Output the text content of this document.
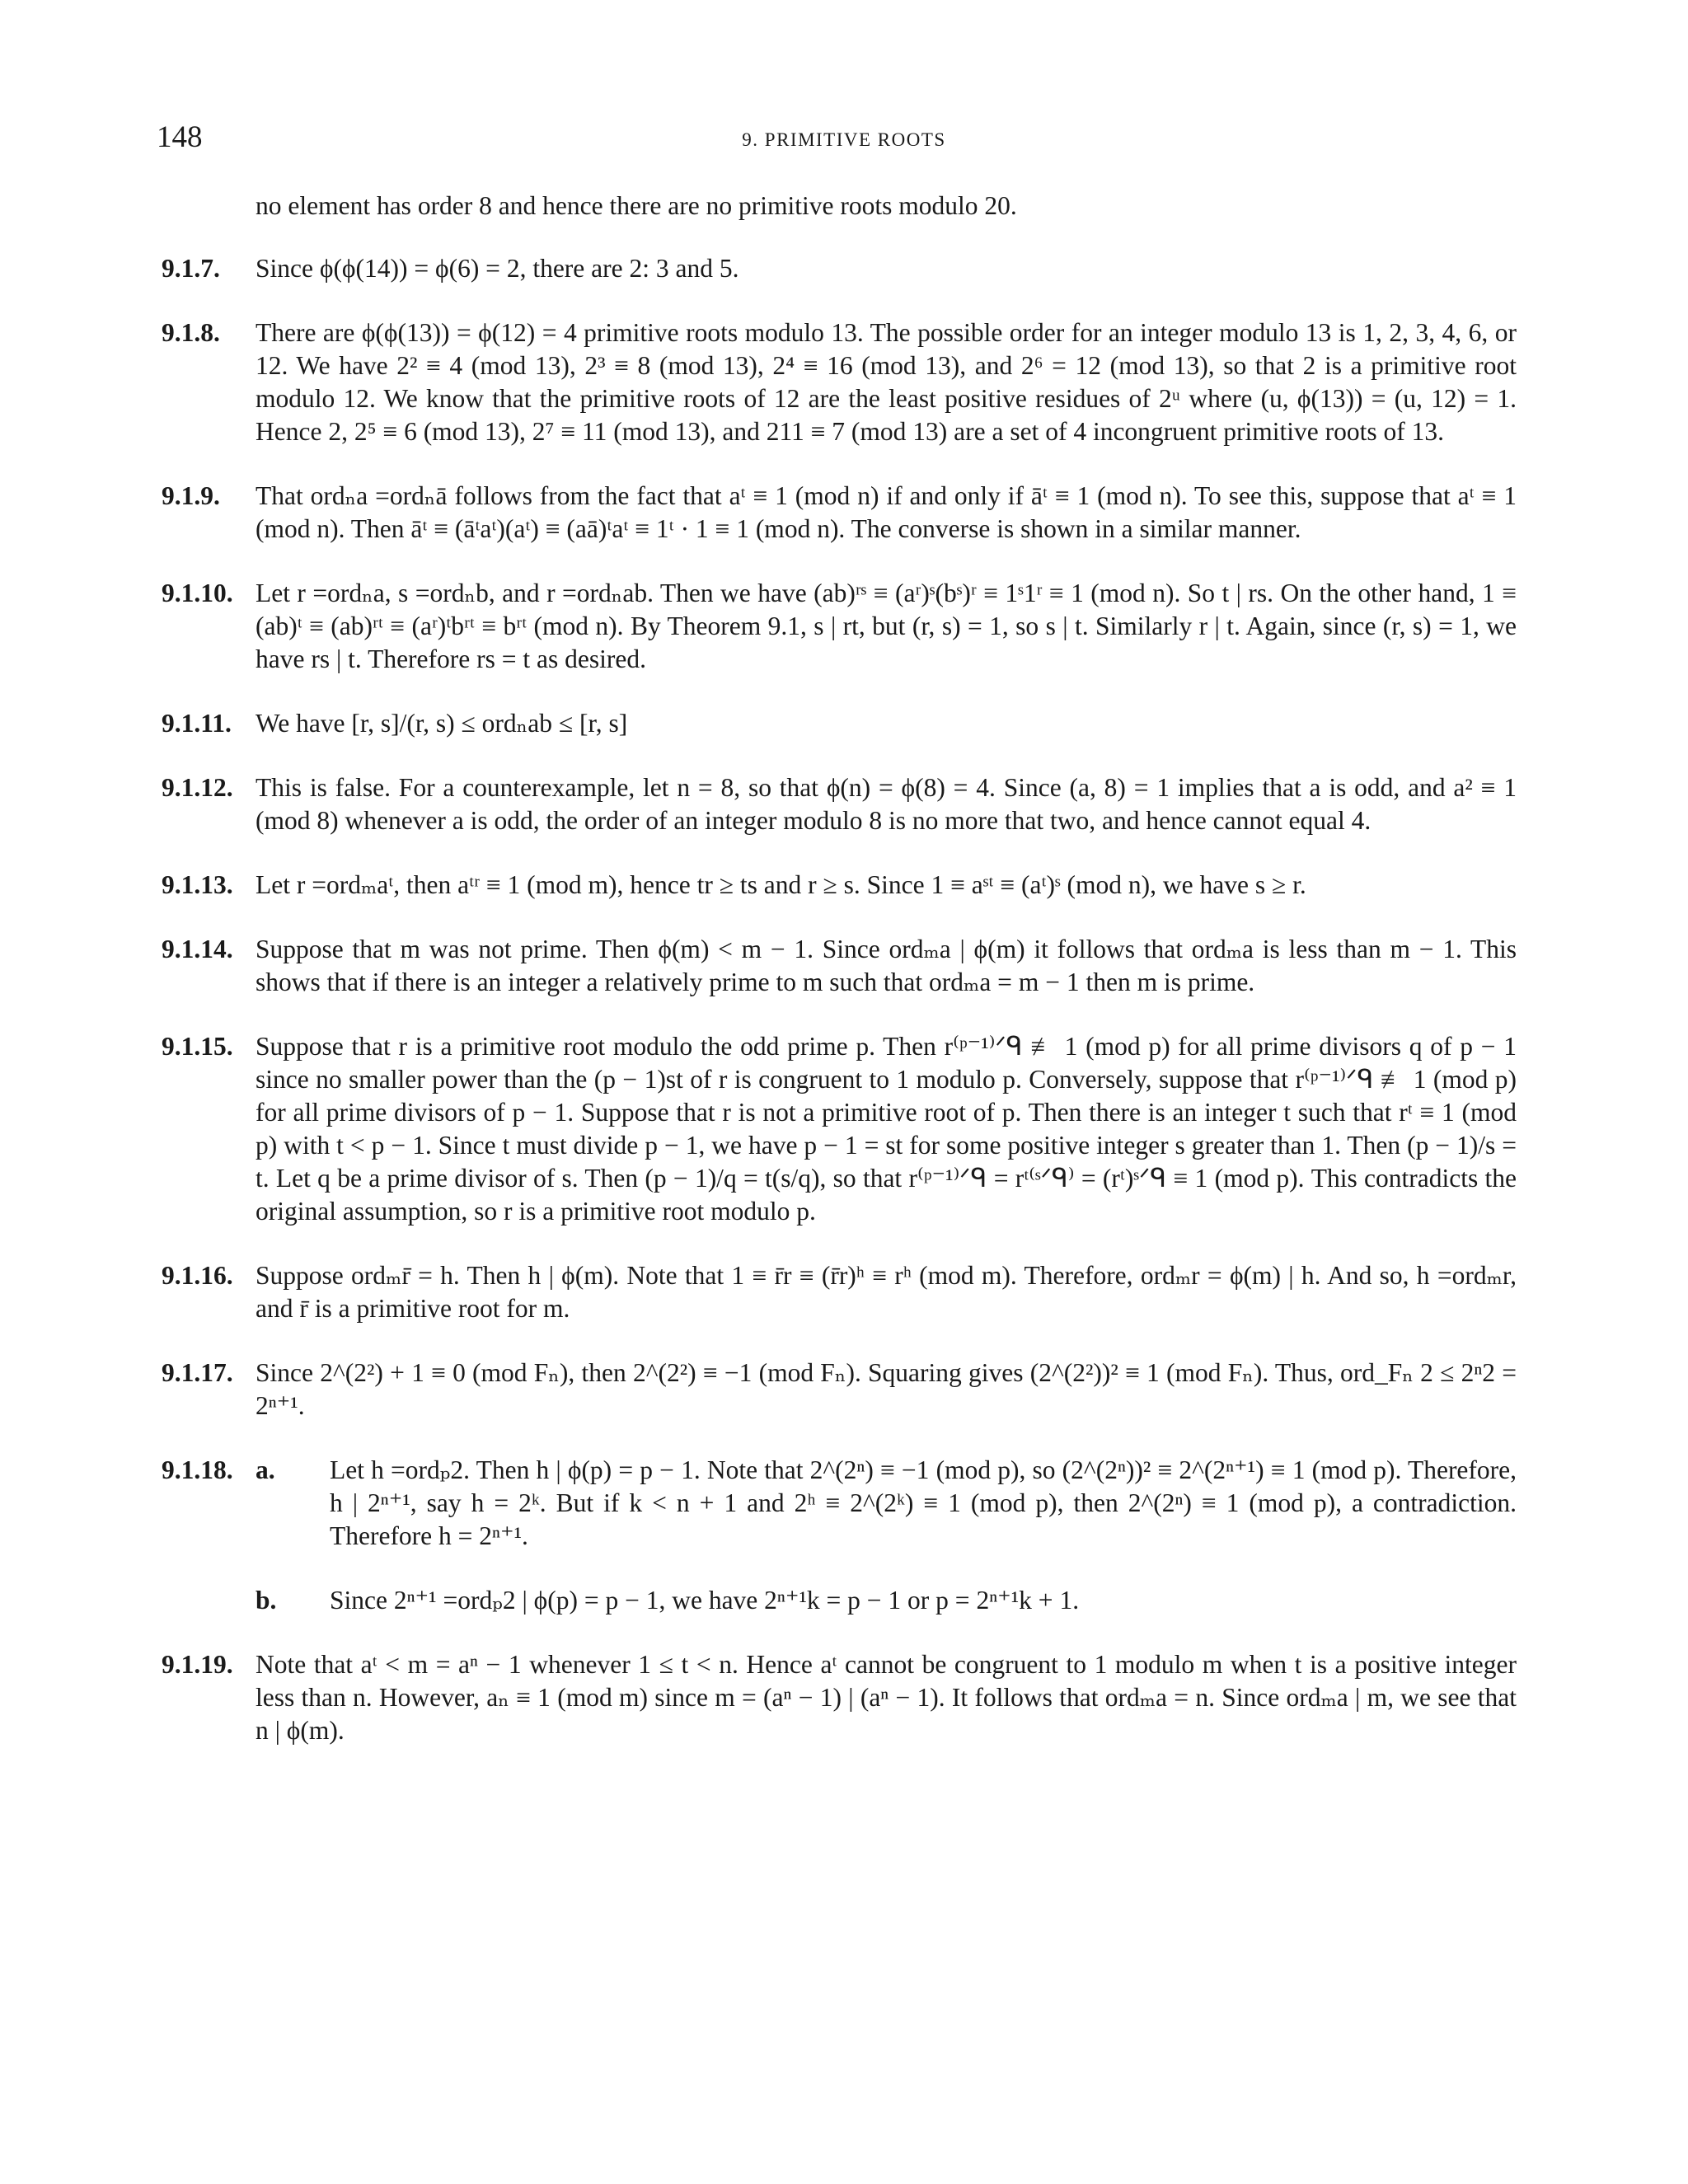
148	9. PRIMITIVE ROOTS

no element has order 8 and hence there are no primitive roots modulo 20.

9.1.7. Since ϕ(ϕ(14)) = ϕ(6) = 2, there are 2: 3 and 5.

9.1.8. There are ϕ(ϕ(13)) = ϕ(12) = 4 primitive roots modulo 13. The possible order for an integer modulo 13 is 1, 2, 3, 4, 6, or 12. We have 2² ≡ 4 (mod 13), 2³ ≡ 8 (mod 13), 2⁴ ≡ 16 (mod 13), and 2⁶ = 12 (mod 13), so that 2 is a primitive root modulo 12. We know that the primitive roots of 12 are the least positive residues of 2ᵘ where (u, ϕ(13)) = (u, 12) = 1. Hence 2, 2⁵ ≡ 6 (mod 13), 2⁷ ≡ 11 (mod 13), and 211 ≡ 7 (mod 13) are a set of 4 incongruent primitive roots of 13.

9.1.9. That ordₙa =ordₙā follows from the fact that aᵗ ≡ 1 (mod n) if and only if āᵗ ≡ 1 (mod n). To see this, suppose that aᵗ ≡ 1 (mod n). Then āᵗ ≡ (āᵗaᵗ)(aᵗ) ≡ (aā)ᵗaᵗ ≡ 1ᵗ · 1 ≡ 1 (mod n). The converse is shown in a similar manner.

9.1.10. Let r =ordₙa, s =ordₙb, and r =ordₙab. Then we have (ab)ʳˢ ≡ (aʳ)ˢ(bˢ)ʳ ≡ 1ˢ1ʳ ≡ 1 (mod n). So t | rs. On the other hand, 1 ≡ (ab)ᵗ ≡ (ab)ʳᵗ ≡ (aʳ)ᵗbʳᵗ ≡ bʳᵗ (mod n). By Theorem 9.1, s | rt, but (r, s) = 1, so s | t. Similarly r | t. Again, since (r, s) = 1, we have rs | t. Therefore rs = t as desired.

9.1.11. We have [r, s]/(r, s) ≤ ordₙab ≤ [r, s]

9.1.12. This is false. For a counterexample, let n = 8, so that ϕ(n) = ϕ(8) = 4. Since (a, 8) = 1 implies that a is odd, and a² ≡ 1 (mod 8) whenever a is odd, the order of an integer modulo 8 is no more that two, and hence cannot equal 4.

9.1.13. Let r =ordₘaᵗ, then aᵗʳ ≡ 1 (mod m), hence tr ≥ ts and r ≥ s. Since 1 ≡ aˢᵗ ≡ (aᵗ)ˢ (mod n), we have s ≥ r.

9.1.14. Suppose that m was not prime. Then ϕ(m) < m − 1. Since ordₘa | ϕ(m) it follows that ordₘa is less than m − 1. This shows that if there is an integer a relatively prime to m such that ordₘa = m − 1 then m is prime.

9.1.15. Suppose that r is a primitive root modulo the odd prime p. Then r⁽ᵖ⁻¹⁾ᐟᑫ ≢ 1 (mod p) for all prime divisors q of p − 1 since no smaller power than the (p − 1)st of r is congruent to 1 modulo p. Conversely, suppose that r⁽ᵖ⁻¹⁾ᐟᑫ ≢ 1 (mod p) for all prime divisors of p − 1. Suppose that r is not a primitive root of p. Then there is an integer t such that rᵗ ≡ 1 (mod p) with t < p − 1. Since t must divide p − 1, we have p − 1 = st for some positive integer s greater than 1. Then (p − 1)/s = t. Let q be a prime divisor of s. Then (p − 1)/q = t(s/q), so that r⁽ᵖ⁻¹⁾ᐟᑫ = rᵗ⁽ˢᐟᑫ⁾ = (rᵗ)ˢᐟᑫ ≡ 1 (mod p). This contradicts the original assumption, so r is a primitive root modulo p.

9.1.16. Suppose ordₘr̄ = h. Then h | ϕ(m). Note that 1 ≡ r̄r ≡ (r̄r)ʰ ≡ rʰ (mod m). Therefore, ordₘr = ϕ(m) | h. And so, h =ordₘr, and r̄ is a primitive root for m.

9.1.17. Since 2^(2²) + 1 ≡ 0 (mod Fₙ), then 2^(2²) ≡ −1 (mod Fₙ). Squaring gives (2^(2²))² ≡ 1 (mod Fₙ). Thus, ord_Fₙ 2 ≤ 2ⁿ2 = 2ⁿ⁺¹.

9.1.18. a. Let h =ordₚ2. Then h | ϕ(p) = p − 1. Note that 2^(2ⁿ) ≡ −1 (mod p), so (2^(2ⁿ))² ≡ 2^(2ⁿ⁺¹) ≡ 1 (mod p). Therefore, h | 2ⁿ⁺¹, say h = 2ᵏ. But if k < n + 1 and 2ʰ ≡ 2^(2ᵏ) ≡ 1 (mod p), then 2^(2ⁿ) ≡ 1 (mod p), a contradiction. Therefore h = 2ⁿ⁺¹.

b. Since 2ⁿ⁺¹ =ordₚ2 | ϕ(p) = p − 1, we have 2ⁿ⁺¹k = p − 1 or p = 2ⁿ⁺¹k + 1.

9.1.19. Note that aᵗ < m = aⁿ − 1 whenever 1 ≤ t < n. Hence aᵗ cannot be congruent to 1 modulo m when t is a positive integer less than n. However, aₙ ≡ 1 (mod m) since m = (aⁿ − 1) | (aⁿ − 1). It follows that ordₘa = n. Since ordₘa | m, we see that n | ϕ(m).
